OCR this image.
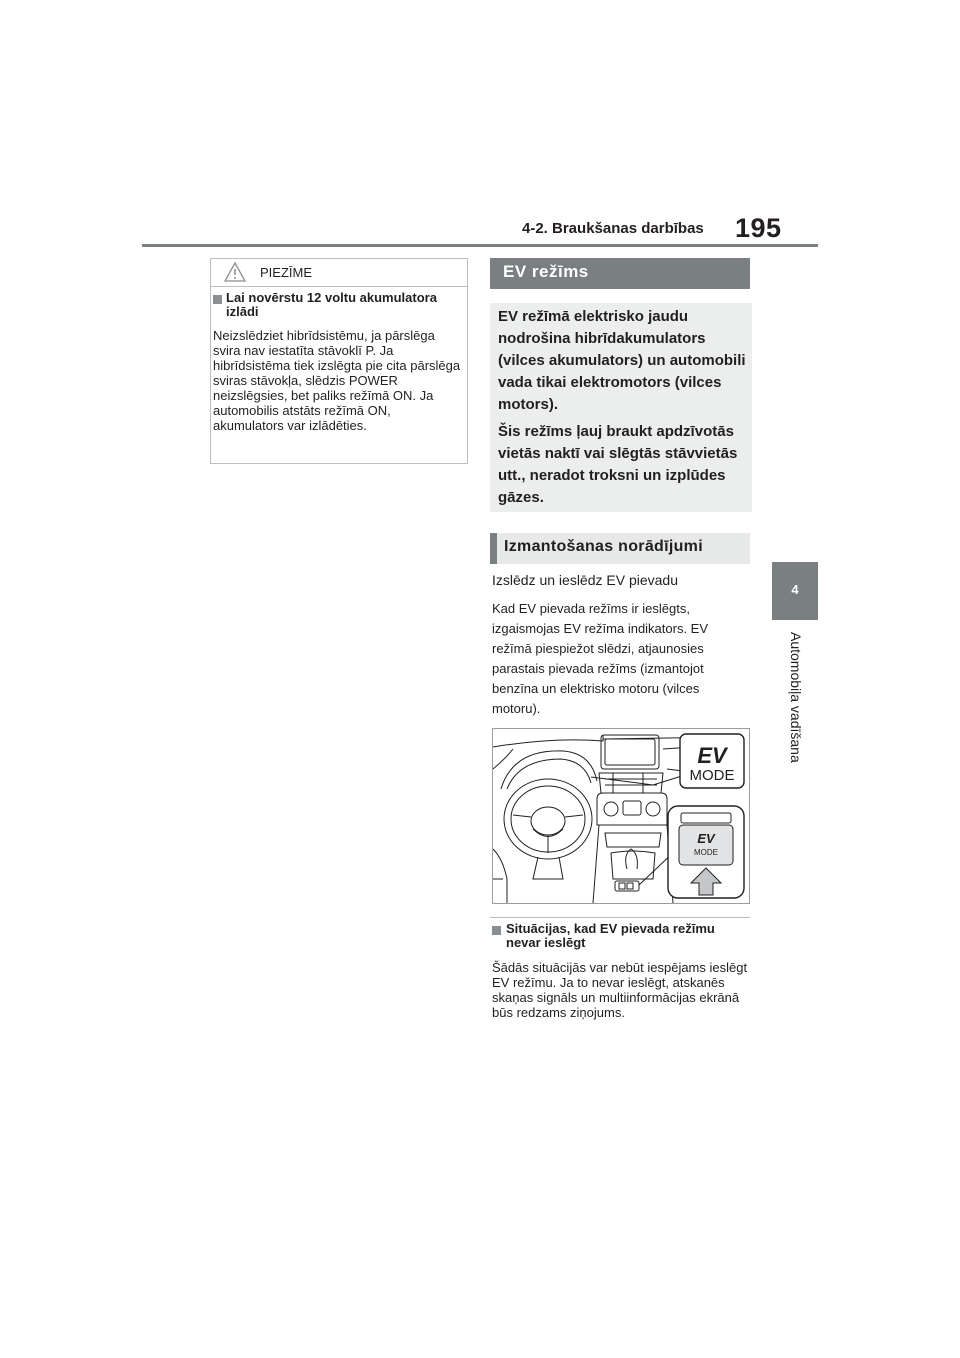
4-2. Braukšanas darbības 195
4
Automobiļa vadīšana
PIEZĪME
Lai novērstu 12 voltu akumulatora izlādi
Neizslēdziet hibrīdsistēmu, ja pārslēga svira nav iestatīta stāvoklī P. Ja hibrīdsistēma tiek izslēgta pie cita pārslēga sviras stāvokļa, slēdzis POWER neizslēgsies, bet paliks režīmā ON. Ja automobilis atstāts režīmā ON, akumulators var izlādēties.
EV režīms

EV režīmā elektrisko jaudu nodrošina hibrīdakumulators (vilces akumulators) un automobili vada tikai elektromotors (vilces motors).

Šis režīms ļauj braukt apdzīvotās vietās naktī vai slēgtās stāvvietās utt., neradot troksni un izplūdes gāzes.

Izmantošanas norādījumi
Izslēdz un ieslēdz EV pievadu
Kad EV pievada režīms ir ieslēgts, izgaismojas EV režīma indikators. EV režīmā piespiežot slēdzi, atjaunosies parastais pievada režīms (izmantojot benzīna un elektrisko motoru (vilces motoru).
EV
MODE
EV
MODE
Situācijas, kad EV pievada režīmu nevar ieslēgt
Šādās situācijās var nebūt iespējams ieslēgt EV režīmu. Ja to nevar ieslēgt, atskanēs skaņas signāls un multiinformācijas ekrānā būs redzams ziņojums.
